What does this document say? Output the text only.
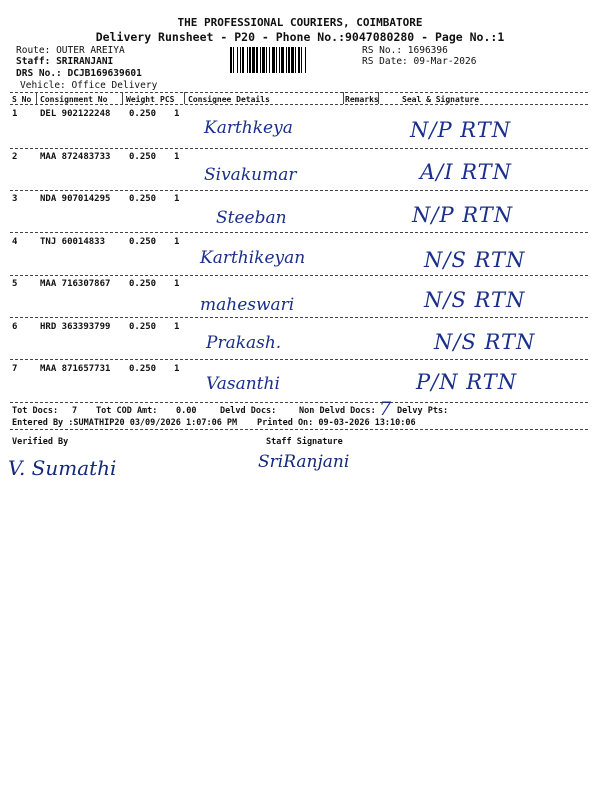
THE PROFESSIONAL COURIERS, COIMBATORE
Delivery Runsheet - P20 - Phone No.:9047080280 - Page No.:1
Route: OUTER AREIYA
Staff: SRIRANJANI
DRS No.: DCJB169639601
Vehicle: Office Delivery
RS No.: 1696396
RS Date: 09-Mar-2026
S No Consignment No Weight PCS Consignee Details	Remarks	Seal & Signature
1	DEL 902122248 0.250 1
Karthkeya	N/P RTN
2	MAA 872483733 0.250 1
Sivakumar	A/I RTN
3	NDA 907014295 0.250 1
Steeban	N/P RTN
4	TNJ 60014833	0.250 1
Karthikeyan	N/S RTN
5	MAA 716307867 0.250 1
maheswari	N/S RTN
6	HRD 363393799 0.250 1
Prakash.	N/S RTN
7	MAA 871657731 0.250 1
Vasanthi	P/N RTN
Tot Docs: 7 Tot COD Amt: 0.00	Delvd Docs:	Non Delvd Docs: 7 Delvy Pts:
Entered By :SUMATHIP20 03/09/2026 1:07:06 PM Printed On: 09-03-2026 13:10:06
Verified By	Staff Signature
V. Sumathi	SriRanjani
